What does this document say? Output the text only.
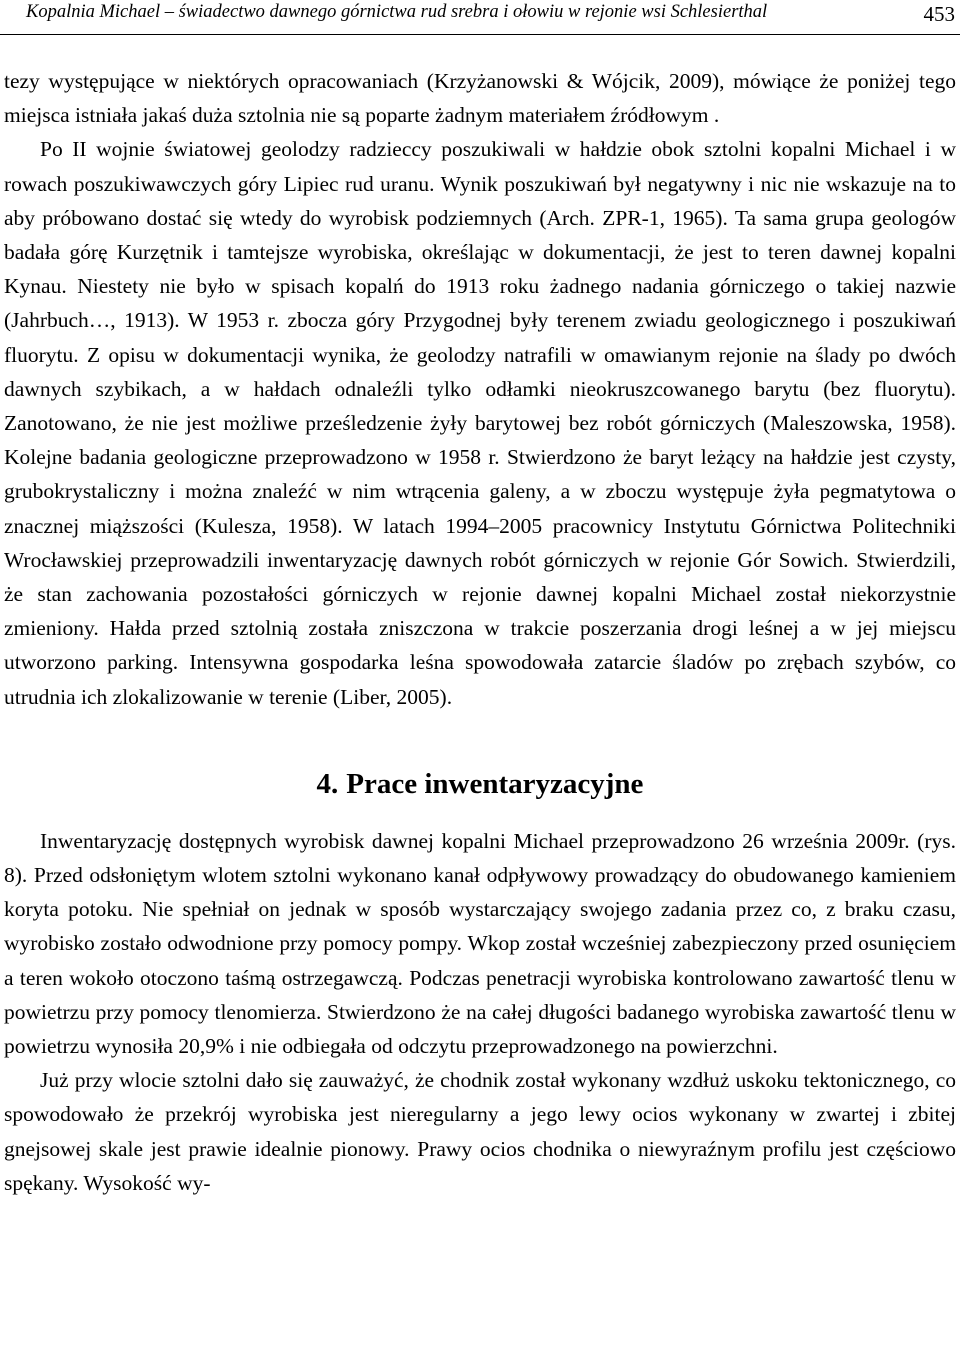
Kopalnia Michael – świadectwo dawnego górnictwa rud srebra i ołowiu w rejonie wsi Schlesierthal	453

tezy występujące w niektórych opracowaniach (Krzyżanowski & Wójcik, 2009), mówiące że poniżej tego miejsca istniała jakaś duża sztolnia nie są poparte żadnym materiałem źródłowym .

Po II wojnie światowej geolodzy radzieccy poszukiwali w hałdzie obok sztolni kopalni Michael i w rowach poszukiwawczych góry Lipiec rud uranu. Wynik poszukiwań był negatywny i nic nie wskazuje na to aby próbowano dostać się wtedy do wyrobisk podziemnych (Arch. ZPR-1, 1965). Ta sama grupa geologów badała górę Kurzętnik i tamtejsze wyrobiska, określając w dokumentacji, że jest to teren dawnej kopalni Kynau. Niestety nie było w spisach kopalń do 1913 roku żadnego nadania górniczego o takiej nazwie (Jahrbuch…, 1913). W 1953 r. zbocza góry Przygodnej były terenem zwiadu geologicznego i poszukiwań fluorytu. Z opisu w dokumentacji wynika, że geolodzy natrafili w omawianym rejonie na ślady po dwóch dawnych szybikach, a w hałdach odnaleźli tylko odłamki nieokruszcowanego barytu (bez fluorytu). Zanotowano, że nie jest możliwe prześledzenie żyły barytowej bez robót górniczych (Maleszowska, 1958). Kolejne badania geologiczne przeprowadzono w 1958 r. Stwierdzono że baryt leżący na hałdzie jest czysty, grubokrystaliczny i można znaleźć w nim wtrącenia galeny, a w zboczu występuje żyła pegmatytowa o znacznej miąższości (Kulesza, 1958). W latach 1994–2005 pracownicy Instytutu Górnictwa Politechniki Wrocławskiej przeprowadzili inwentaryzację dawnych robót górniczych w rejonie Gór Sowich. Stwierdzili, że stan zachowania pozostałości górniczych w rejonie dawnej kopalni Michael został niekorzystnie zmieniony. Hałda przed sztolnią została zniszczona w trakcie poszerzania drogi leśnej a w jej miejscu utworzono parking. Intensywna gospodarka leśna spowodowała zatarcie śladów po zrębach szybów, co utrudnia ich zlokalizowanie w terenie (Liber, 2005).

4. Prace inwentaryzacyjne

Inwentaryzację dostępnych wyrobisk dawnej kopalni Michael przeprowadzono 26 września 2009r. (rys. 8). Przed odsłoniętym wlotem sztolni wykonano kanał odpływowy prowadzący do obudowanego kamieniem koryta potoku. Nie spełniał on jednak w sposób wystarczający swojego zadania przez co, z braku czasu, wyrobisko zostało odwodnione przy pomocy pompy. Wkop został wcześniej zabezpieczony przed osunięciem a teren wokoło otoczono taśmą ostrzegawczą. Podczas penetracji wyrobiska kontrolowano zawartość tlenu w powietrzu przy pomocy tlenomierza. Stwierdzono że na całej długości badanego wyrobiska zawartość tlenu w powietrzu wynosiła 20,9% i nie odbiegała od odczytu przeprowadzonego na powierzchni.

Już przy wlocie sztolni dało się zauważyć, że chodnik został wykonany wzdłuż uskoku tektonicznego, co spowodowało że przekrój wyrobiska jest nieregularny a jego lewy ocios wykonany w zwartej i zbitej gnejsowej skale jest prawie idealnie pionowy. Prawy ocios chodnika o niewyraźnym profilu jest częściowo spękany. Wysokość wy-
